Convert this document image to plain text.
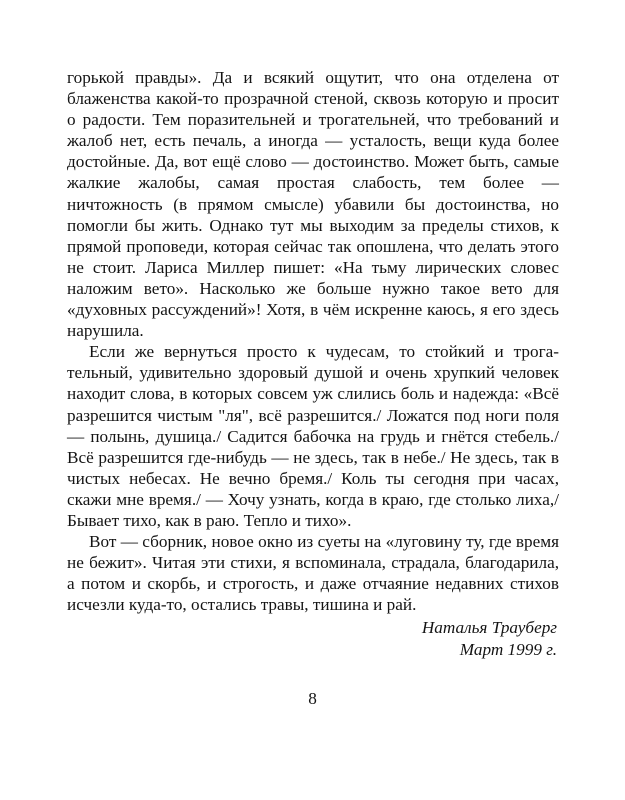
горькой правды». Да и всякий ощутит, что она отделена от блаженства какой-то прозрачной стеной, сквозь которую и просит о радости. Тем поразительней и трогательней, что требований и жалоб нет, есть печаль, а иногда — усталость, вещи куда более достойные. Да, вот ещё слово — достоинство. Может быть, самые жалкие жалобы, самая простая слабость, тем более — ничтожность (в прямом смысле) убавили бы достоинства, но помогли бы жить. Однако тут мы выходим за пределы стихов, к прямой проповеди, которая сейчас так опошлена, что делать этого не стоит. Лариса Миллер пишет: «На тьму лирических словес наложим вето». Насколько же больше нужно такое вето для «духовных рассуждений»! Хотя, в чём искренне каюсь, я его здесь нарушила.

Если же вернуться просто к чудесам, то стойкий и трогательный, удивительно здоровый душой и очень хрупкий человек находит слова, в которых совсем уж слились боль и надежда: «Всё разрешится чистым "ля", всё разрешится./ Ложатся под ноги поля — полынь, душица./ Садится бабочка на грудь и гнётся стебель./ Всё разрешится где-нибудь — не здесь, так в небе./ Не здесь, так в чистых небесах. Не вечно бремя./ Коль ты сегодня при часах, скажи мне время./ — Хочу узнать, когда в краю, где столько лиха,/ Бывает тихо, как в раю. Тепло и тихо».

Вот — сборник, новое окно из суеты на «луговину ту, где время не бежит». Читая эти стихи, я вспоминала, страдала, благодарила, а потом и скорбь, и строгость, и даже отчаяние недавних стихов исчезли куда-то, остались травы, тишина и рай.

Наталья Трауберг
Март 1999 г.
8
